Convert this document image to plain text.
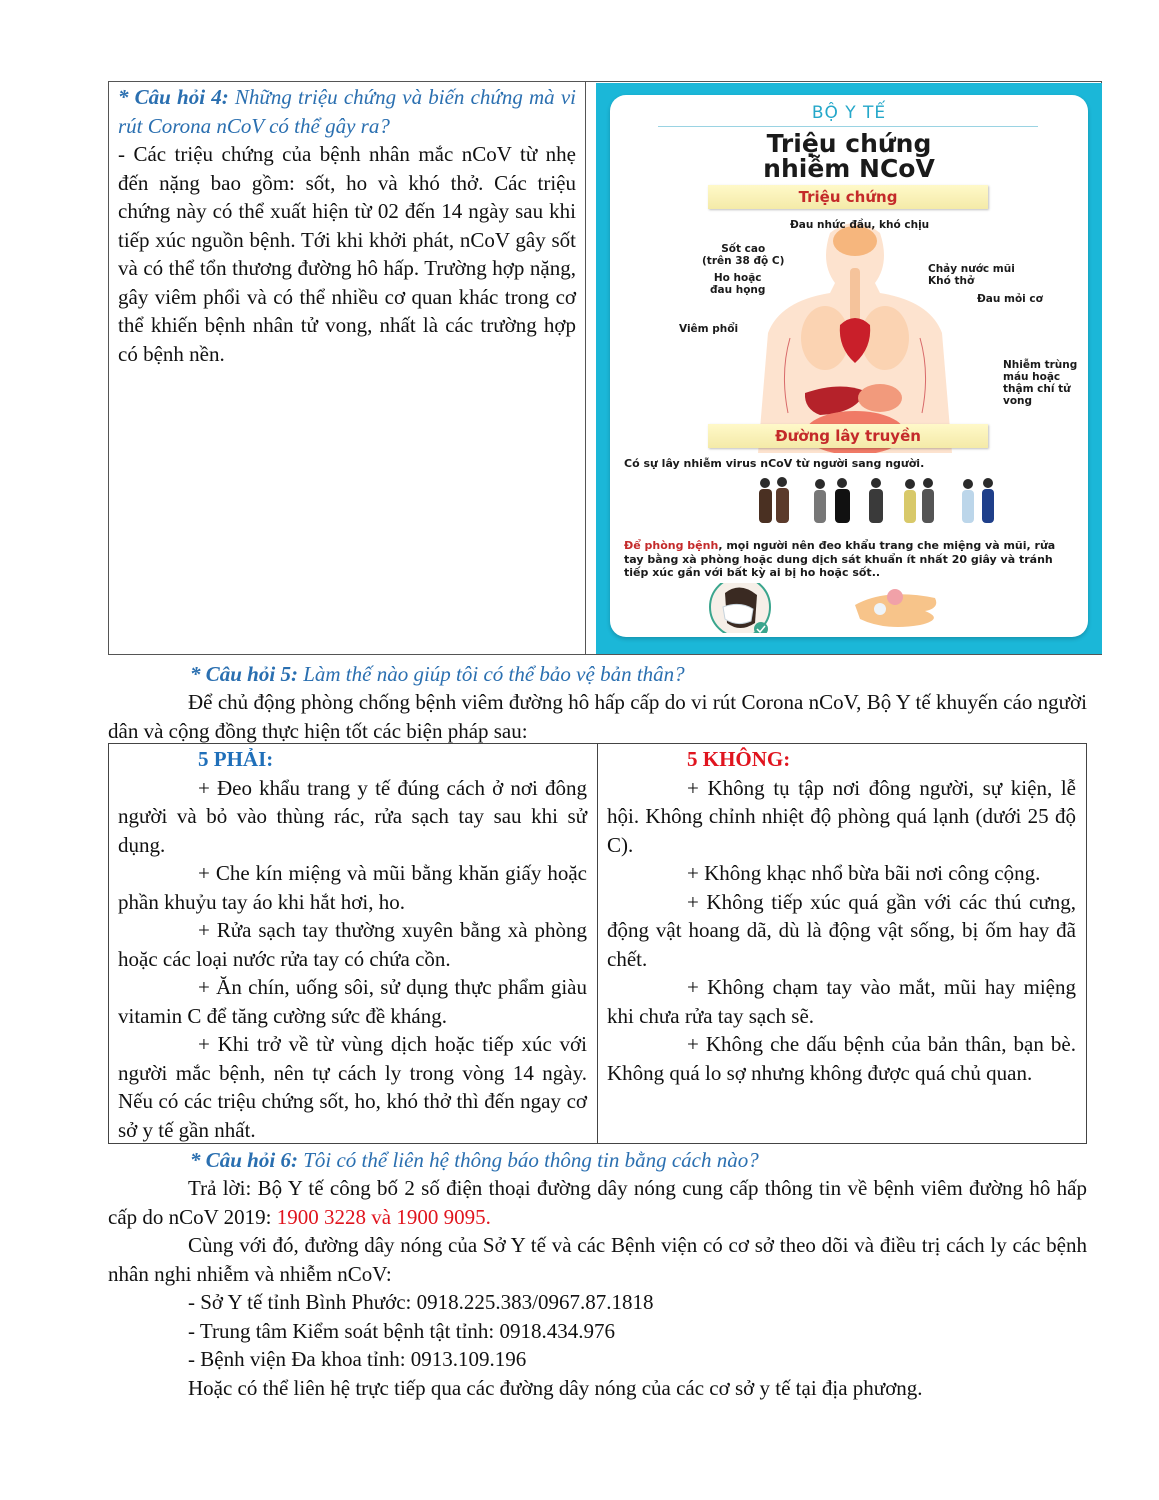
* Câu hỏi 4: Những triệu chứng và biến chứng mà vi rút Corona nCoV có thể gây ra?
- Các triệu chứng của bệnh nhân mắc nCoV từ nhẹ đến nặng bao gồm: sốt, ho và khó thở. Các triệu chứng này có thể xuất hiện từ 02 đến 14 ngày sau khi tiếp xúc nguồn bệnh. Tới khi khởi phát, nCoV gây sốt và có thể tổn thương đường hô hấp. Trường hợp nặng, gây viêm phổi và có thể nhiều cơ quan khác trong cơ thể khiến bệnh nhân tử vong, nhất là các trường hợp có bệnh nền.
BỘ Y TẾ
Triệu chứng
nhiễm NCoV
Triệu chứng
Đau nhức đầu, khó chịu
Sốt cao
(trên 38 độ C)
Chảy nước mũi
Khó thở
Ho hoặc
đau họng
Đau mỏi cơ
Viêm phổi
Nhiễm trùng
máu hoặc
thậm chí tử
vong
Đường lây truyền
Có sự lây nhiễm virus nCoV từ người sang người.
Để phòng bệnh, mọi người nên đeo khẩu trang che miệng và mũi, rửa tay bằng xà phòng hoặc dung dịch sát khuẩn ít nhất 20 giây và tránh tiếp xúc gần với bất kỳ ai bị ho hoặc sốt..
* Câu hỏi 5: Làm thế nào giúp tôi có thể bảo vệ bản thân?
Để chủ động phòng chống bệnh viêm đường hô hấp cấp do vi rút Corona nCoV, Bộ Y tế khuyến cáo người dân và cộng đồng thực hiện tốt các biện pháp sau:
5 PHẢI:
+ Đeo khẩu trang y tế đúng cách ở nơi đông người và bỏ vào thùng rác, rửa sạch tay sau khi sử dụng.
+ Che kín miệng và mũi bằng khăn giấy hoặc phần khuỷu tay áo khi hắt hơi, ho.
+ Rửa sạch tay thường xuyên bằng xà phòng hoặc các loại nước rửa tay có chứa cồn.
+ Ăn chín, uống sôi, sử dụng thực phẩm giàu vitamin C để tăng cường sức đề kháng.
+ Khi trở về từ vùng dịch hoặc tiếp xúc với người mắc bệnh, nên tự cách ly trong vòng 14 ngày. Nếu có các triệu chứng sốt, ho, khó thở thì đến ngay cơ sở y tế gần nhất.
5 KHÔNG:
+ Không tụ tập nơi đông người, sự kiện, lễ hội. Không chỉnh nhiệt độ phòng quá lạnh (dưới 25 độ C).
+ Không khạc nhổ bừa bãi nơi công cộng.
+ Không tiếp xúc quá gần với các thú cưng, động vật hoang dã, dù là động vật sống, bị ốm hay đã chết.
+ Không chạm tay vào mắt, mũi hay miệng khi chưa rửa tay sạch sẽ.
+ Không che dấu bệnh của bản thân, bạn bè. Không quá lo sợ nhưng không được quá chủ quan.
* Câu hỏi 6: Tôi có thể liên hệ thông báo thông tin bằng cách nào?
Trả lời: Bộ Y tế công bố 2 số điện thoại đường dây nóng cung cấp thông tin về bệnh viêm đường hô hấp cấp do nCoV 2019: 1900 3228 và 1900 9095.
Cùng với đó, đường dây nóng của Sở Y tế và các Bệnh viện có cơ sở theo dõi và điều trị cách ly các bệnh nhân nghi nhiễm và nhiễm nCoV:
- Sở Y tế tỉnh Bình Phước: 0918.225.383/0967.87.1818
- Trung tâm Kiểm soát bệnh tật tỉnh: 0918.434.976
- Bệnh viện Đa khoa tỉnh: 0913.109.196
Hoặc có thể liên hệ trực tiếp qua các đường dây nóng của các cơ sở y tế tại địa phương.
